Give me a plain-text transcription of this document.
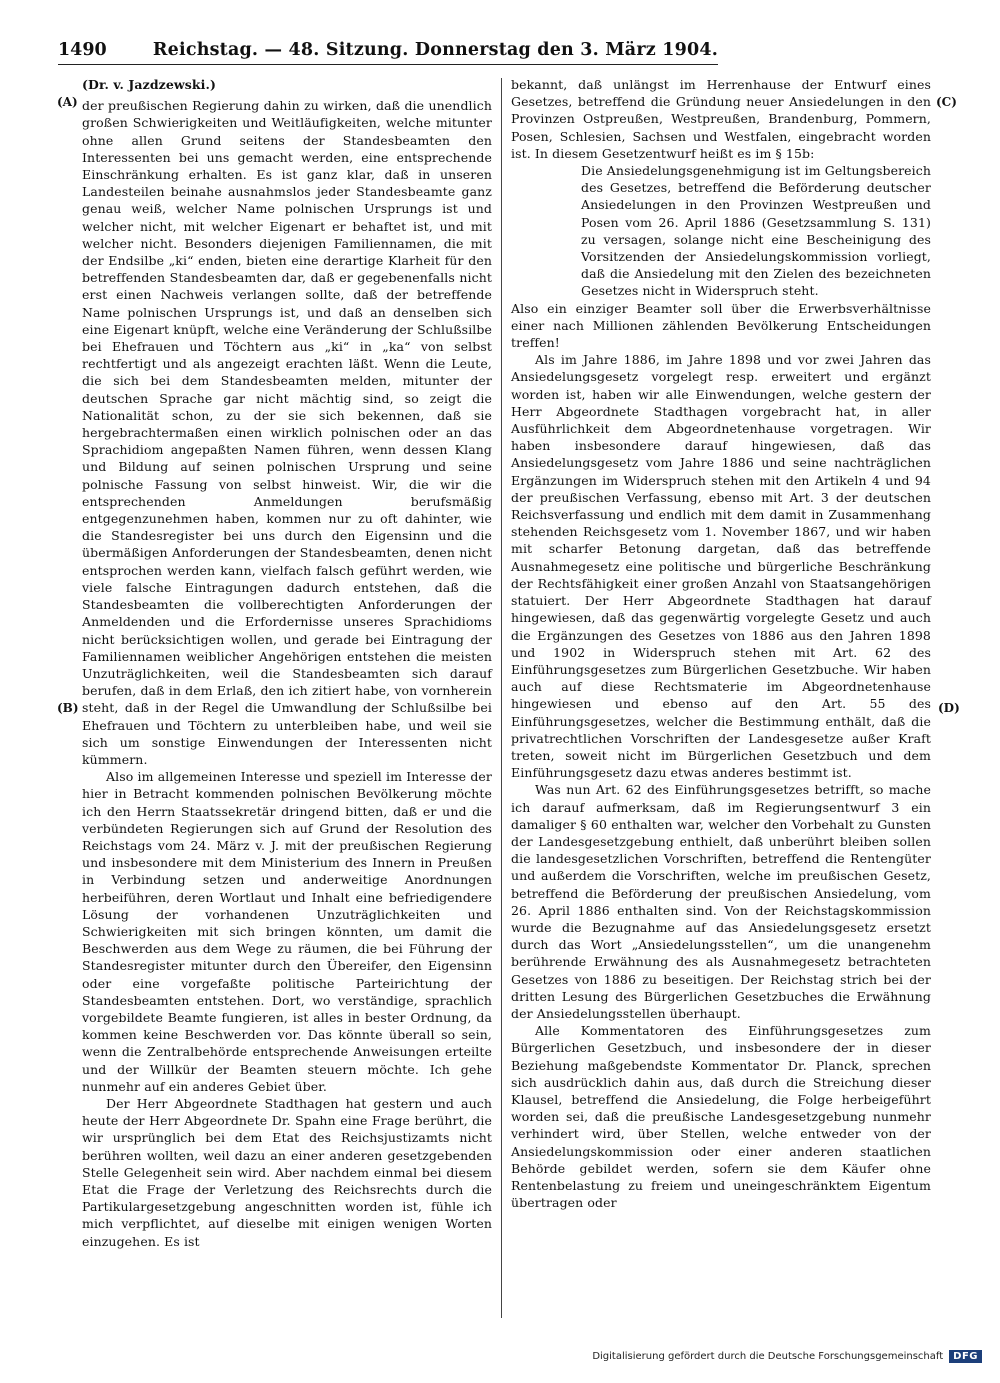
1490	Reichstag. — 48. Sitzung. Donnerstag den 3. März 1904.
(A)
(B)
(C)
(D)
(Dr. v. Jazdzewski.)

der preußischen Regierung dahin zu wirken, daß die unendlich großen Schwierigkeiten und Weitläufigkeiten, welche mitunter ohne allen Grund seitens der Standesbeamten den Interessenten bei uns gemacht werden, eine entsprechende Einschränkung erhalten. Es ist ganz klar, daß in unseren Landesteilen beinahe ausnahmslos jeder Standesbeamte ganz genau weiß, welcher Name polnischen Ursprungs ist und welcher nicht, mit welcher Eigenart er behaftet ist, und mit welcher nicht. Besonders diejenigen Familiennamen, die mit der Endsilbe „ki“ enden, bieten eine derartige Klarheit für den betreffenden Standesbeamten dar, daß er gegebenenfalls nicht erst einen Nachweis verlangen sollte, daß der betreffende Name polnischen Ursprungs ist, und daß an denselben sich eine Eigenart knüpft, welche eine Veränderung der Schlußsilbe bei Ehefrauen und Töchtern aus „ki“ in „ka“ von selbst rechtfertigt und als angezeigt erachten läßt. Wenn die Leute, die sich bei dem Standesbeamten melden, mitunter der deutschen Sprache gar nicht mächtig sind, so zeigt die Nationalität schon, zu der sie sich bekennen, daß sie hergebrachtermaßen einen wirklich polnischen oder an das Sprachidiom angepaßten Namen führen, wenn dessen Klang und Bildung auf seinen polnischen Ursprung und seine polnische Fassung von selbst hinweist. Wir, die wir die entsprechenden Anmeldungen berufsmäßig entgegenzunehmen haben, kommen nur zu oft dahinter, wie die Standesregister bei uns durch den Eigensinn und die übermäßigen Anforderungen der Standesbeamten, denen nicht entsprochen werden kann, vielfach falsch geführt werden, wie viele falsche Eintragungen dadurch entstehen, daß die Standesbeamten die vollberechtigten Anforderungen der Anmeldenden und die Erfordernisse unseres Sprachidioms nicht berücksichtigen wollen, und gerade bei Eintragung der Familiennamen weiblicher Angehörigen entstehen die meisten Unzuträglichkeiten, weil die Standesbeamten sich darauf berufen, daß in dem Erlaß, den ich zitiert habe, von vornherein steht, daß in der Regel die Umwandlung der Schlußsilbe bei Ehefrauen und Töchtern zu unterbleiben habe, und weil sie sich um sonstige Einwendungen der Interessenten nicht kümmern.

Also im allgemeinen Interesse und speziell im Interesse der hier in Betracht kommenden polnischen Bevölkerung möchte ich den Herrn Staatssekretär dringend bitten, daß er und die verbündeten Regierungen sich auf Grund der Resolution des Reichstags vom 24. März v. J. mit der preußischen Regierung und insbesondere mit dem Ministerium des Innern in Preußen in Verbindung setzen und anderweitige Anordnungen herbeiführen, deren Wortlaut und Inhalt eine befriedigendere Lösung der vorhandenen Unzuträglichkeiten und Schwierigkeiten mit sich bringen könnten, um damit die Beschwerden aus dem Wege zu räumen, die bei Führung der Standesregister mitunter durch den Übereifer, den Eigensinn oder eine vorgefaßte politische Parteirichtung der Standesbeamten entstehen. Dort, wo verständige, sprachlich vorgebildete Beamte fungieren, ist alles in bester Ordnung, da kommen keine Beschwerden vor. Das könnte überall so sein, wenn die Zentralbehörde entsprechende Anweisungen erteilte und der Willkür der Beamten steuern möchte. Ich gehe nunmehr auf ein anderes Gebiet über.

Der Herr Abgeordnete Stadthagen hat gestern und auch heute der Herr Abgeordnete Dr. Spahn eine Frage berührt, die wir ursprünglich bei dem Etat des Reichsjustizamts nicht berühren wollten, weil dazu an einer anderen gesetzgebenden Stelle Gelegenheit sein wird. Aber nachdem einmal bei diesem Etat die Frage der Verletzung des Reichsrechts durch die Partikulargesetzgebung angeschnitten worden ist, fühle ich mich verpflichtet, auf dieselbe mit einigen wenigen Worten einzugehen. Es ist

bekannt, daß unlängst im Herrenhause der Entwurf eines Gesetzes, betreffend die Gründung neuer Ansiedelungen in den Provinzen Ostpreußen, Westpreußen, Brandenburg, Pommern, Posen, Schlesien, Sachsen und Westfalen, eingebracht worden ist. In diesem Gesetzentwurf heißt es im § 15b:

Die Ansiedelungsgenehmigung ist im Geltungsbereich des Gesetzes, betreffend die Beförderung deutscher Ansiedelungen in den Provinzen Westpreußen und Posen vom 26. April 1886 (Gesetzsammlung S. 131) zu versagen, solange nicht eine Bescheinigung des Vorsitzenden der Ansiedelungskommission vorliegt, daß die Ansiedelung mit den Zielen des bezeichneten Gesetzes nicht in Widerspruch steht.

Also ein einziger Beamter soll über die Erwerbsverhältnisse einer nach Millionen zählenden Bevölkerung Entscheidungen treffen!

Als im Jahre 1886, im Jahre 1898 und vor zwei Jahren das Ansiedelungsgesetz vorgelegt resp. erweitert und ergänzt worden ist, haben wir alle Einwendungen, welche gestern der Herr Abgeordnete Stadthagen vorgebracht hat, in aller Ausführlichkeit dem Abgeordnetenhause vorgetragen. Wir haben insbesondere darauf hingewiesen, daß das Ansiedelungsgesetz vom Jahre 1886 und seine nachträglichen Ergänzungen im Widerspruch stehen mit den Artikeln 4 und 94 der preußischen Verfassung, ebenso mit Art. 3 der deutschen Reichsverfassung und endlich mit dem damit in Zusammenhang stehenden Reichsgesetz vom 1. November 1867, und wir haben mit scharfer Betonung dargetan, daß das betreffende Ausnahmegesetz eine politische und bürgerliche Beschränkung der Rechtsfähigkeit einer großen Anzahl von Staatsangehörigen statuiert. Der Herr Abgeordnete Stadthagen hat darauf hingewiesen, daß das gegenwärtig vorgelegte Gesetz und auch die Ergänzungen des Gesetzes von 1886 aus den Jahren 1898 und 1902 in Widerspruch stehen mit Art. 62 des Einführungsgesetzes zum Bürgerlichen Gesetzbuche. Wir haben auch auf diese Rechtsmaterie im Abgeordnetenhause hingewiesen und ebenso auf den Art. 55 des Einführungsgesetzes, welcher die Bestimmung enthält, daß die privatrechtlichen Vorschriften der Landesgesetze außer Kraft treten, soweit nicht im Bürgerlichen Gesetzbuch und dem Einführungsgesetz dazu etwas anderes bestimmt ist.

Was nun Art. 62 des Einführungsgesetzes betrifft, so mache ich darauf aufmerksam, daß im Regierungsentwurf 3 ein damaliger § 60 enthalten war, welcher den Vorbehalt zu Gunsten der Landesgesetzgebung enthielt, daß unberührt bleiben sollen die landesgesetzlichen Vorschriften, betreffend die Rentengüter und außerdem die Vorschriften, welche im preußischen Gesetz, betreffend die Beförderung der preußischen Ansiedelung, vom 26. April 1886 enthalten sind. Von der Reichstagskommission wurde die Bezugnahme auf das Ansiedelungsgesetz ersetzt durch das Wort „Ansiedelungsstellen“, um die unangenehm berührende Erwähnung des als Ausnahmegesetz betrachteten Gesetzes von 1886 zu beseitigen. Der Reichstag strich bei der dritten Lesung des Bürgerlichen Gesetzbuches die Erwähnung der Ansiedelungsstellen überhaupt.

Alle Kommentatoren des Einführungsgesetzes zum Bürgerlichen Gesetzbuch, und insbesondere der in dieser Beziehung maßgebendste Kommentator Dr. Planck, sprechen sich ausdrücklich dahin aus, daß durch die Streichung dieser Klausel, betreffend die Ansiedelung, die Folge herbeigeführt worden sei, daß die preußische Landesgesetzgebung nunmehr verhindert wird, über Stellen, welche entweder von der Ansiedelungskommission oder einer anderen staatlichen Behörde gebildet werden, sofern sie dem Käufer ohne Rentenbelastung zu freiem und uneingeschränktem Eigentum übertragen oder

Digitalisierung gefördert durch die Deutsche Forschungsgemeinschaft	DFG
